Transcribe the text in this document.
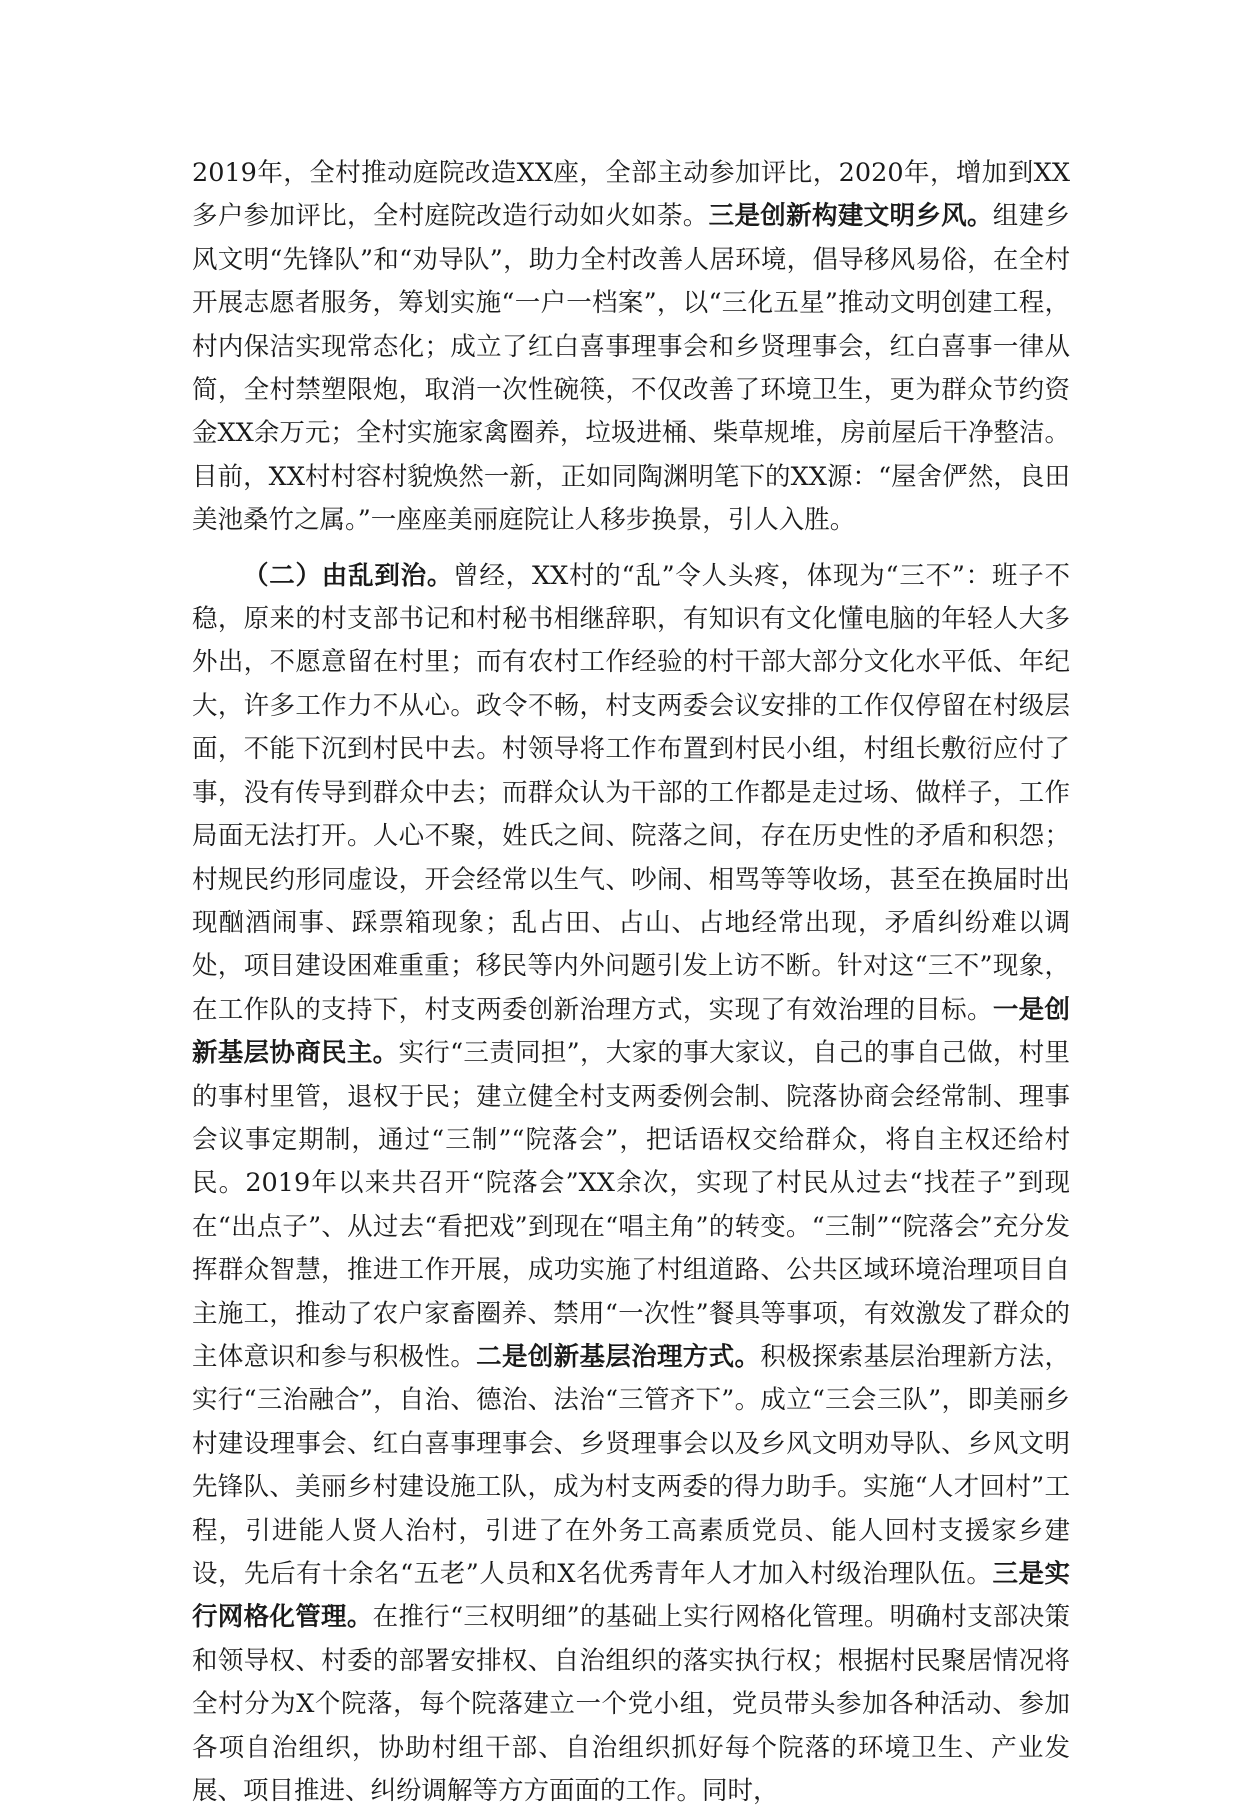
2019年，全村推动庭院改造XX座，全部主动参加评比，2020年，增加到XX多户参加评比，全村庭院改造行动如火如荼。三是创新构建文明乡风。组建乡风文明“先锋队”和“劝导队”，助力全村改善人居环境，倡导移风易俗，在全村开展志愿者服务，筹划实施“一户一档案”，以“三化五星”推动文明创建工程，村内保洁实现常态化；成立了红白喜事理事会和乡贤理事会，红白喜事一律从简，全村禁塑限炮，取消一次性碗筷，不仅改善了环境卫生，更为群众节约资金XX余万元；全村实施家禽圈养，垃圾进桶、柴草规堆，房前屋后干净整洁。目前，XX村村容村貌焕然一新，正如同陶渊明笔下的XX源：“屋舍俨然，良田美池桑竹之属。”一座座美丽庭院让人移步换景，引人入胜。

（二）由乱到治。曾经，XX村的“乱”令人头疼，体现为“三不”：班子不稳，原来的村支部书记和村秘书相继辞职，有知识有文化懂电脑的年轻人大多外出，不愿意留在村里；而有农村工作经验的村干部大部分文化水平低、年纪大，许多工作力不从心。政令不畅，村支两委会议安排的工作仅停留在村级层面，不能下沉到村民中去。村领导将工作布置到村民小组，村组长敷衍应付了事，没有传导到群众中去；而群众认为干部的工作都是走过场、做样子，工作局面无法打开。人心不聚，姓氏之间、院落之间，存在历史性的矛盾和积怨；村规民约形同虚设，开会经常以生气、吵闹、相骂等等收场，甚至在换届时出现酗酒闹事、踩票箱现象；乱占田、占山、占地经常出现，矛盾纠纷难以调处，项目建设困难重重；移民等内外问题引发上访不断。针对这“三不”现象，在工作队的支持下，村支两委创新治理方式，实现了有效治理的目标。一是创新基层协商民主。实行“三责同担”，大家的事大家议，自己的事自己做，村里的事村里管，退权于民；建立健全村支两委例会制、院落协商会经常制、理事会议事定期制，通过“三制”“院落会”，把话语权交给群众，将自主权还给村民。2019年以来共召开“院落会”XX余次，实现了村民从过去“找茬子”到现在“出点子”、从过去“看把戏”到现在“唱主角”的转变。“三制”“院落会”充分发挥群众智慧，推进工作开展，成功实施了村组道路、公共区域环境治理项目自主施工，推动了农户家畜圈养、禁用“一次性”餐具等事项，有效激发了群众的主体意识和参与积极性。二是创新基层治理方式。积极探索基层治理新方法，实行“三治融合”，自治、德治、法治“三管齐下”。成立“三会三队”，即美丽乡村建设理事会、红白喜事理事会、乡贤理事会以及乡风文明劝导队、乡风文明先锋队、美丽乡村建设施工队，成为村支两委的得力助手。实施“人才回村”工程，引进能人贤人治村，引进了在外务工高素质党员、能人回村支援家乡建设，先后有十余名“五老”人员和X名优秀青年人才加入村级治理队伍。三是实行网格化管理。在推行“三权明细”的基础上实行网格化管理。明确村支部决策和领导权、村委的部署安排权、自治组织的落实执行权；根据村民聚居情况将全村分为X个院落，每个院落建立一个党小组，党员带头参加各种活动、参加各项自治组织，协助村组干部、自治组织抓好每个院落的环境卫生、产业发展、项目推进、纠纷调解等方方面面的工作。同时，
